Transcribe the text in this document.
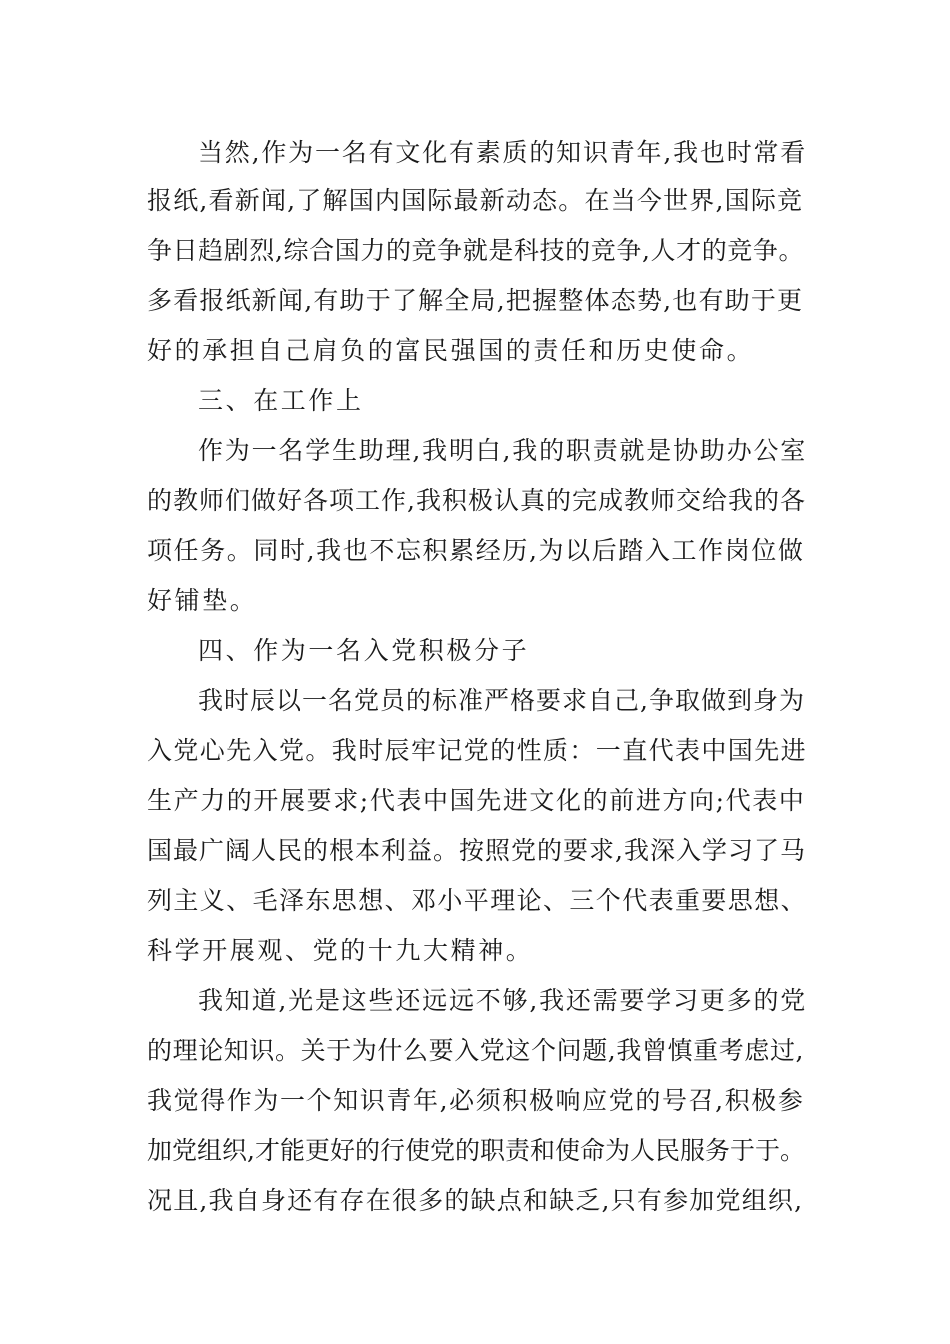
当然,作为一名有文化有素质的知识青年,我也时常看
报纸,看新闻,了解国内国际最新动态。在当今世界,国际竞
争日趋剧烈,综合国力的竞争就是科技的竞争,人才的竞争。
多看报纸新闻,有助于了解全局,把握整体态势,也有助于更
好的承担自己肩负的富民强国的责任和历史使命。
三、在工作上
作为一名学生助理,我明白,我的职责就是协助办公室
的教师们做好各项工作,我积极认真的完成教师交给我的各
项任务。同时,我也不忘积累经历,为以后踏入工作岗位做
好铺垫。
四、作为一名入党积极分子
我时辰以一名党员的标准严格要求自己,争取做到身为
入党心先入党。我时辰牢记党的性质：一直代表中国先进
生产力的开展要求;代表中国先进文化的前进方向;代表中
国最广阔人民的根本利益。按照党的要求,我深入学习了马
列主义、毛泽东思想、邓小平理论、三个代表重要思想、
科学开展观、党的十九大精神。
我知道,光是这些还远远不够,我还需要学习更多的党
的理论知识。关于为什么要入党这个问题,我曾慎重考虑过,
我觉得作为一个知识青年,必须积极响应党的号召,积极参
加党组织,才能更好的行使党的职责和使命为人民服务于于。
况且,我自身还有存在很多的缺点和缺乏,只有参加党组织,
